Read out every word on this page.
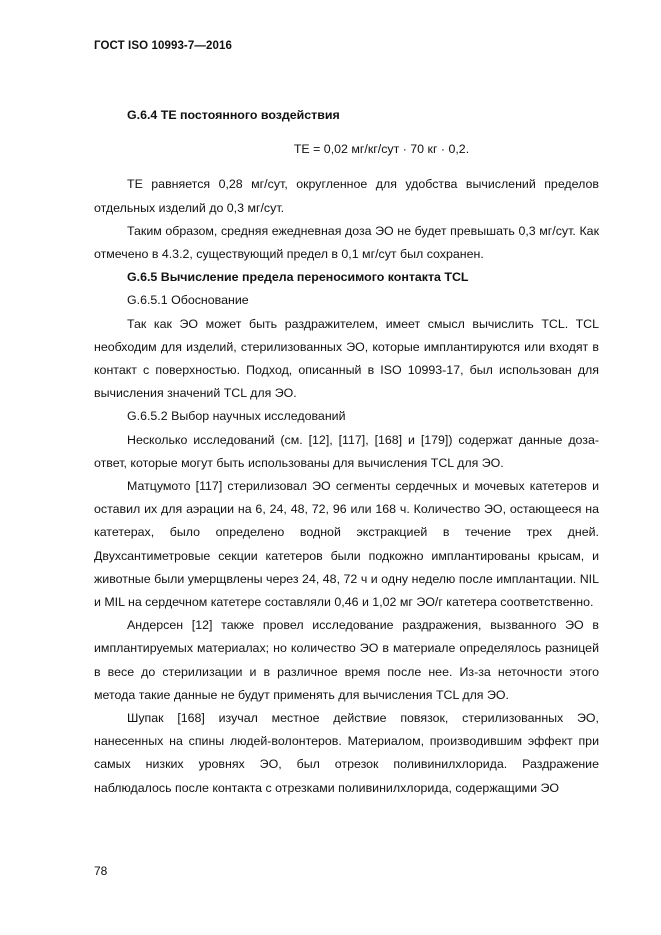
ГОСТ ISO 10993-7—2016

G.6.4 TE постоянного воздействия

TE = 0,02 мг/кг/сут · 70 кг · 0,2.

TE равняется 0,28 мг/сут, округленное для удобства вычислений пределов отдельных изделий до 0,3 мг/сут.

Таким образом, средняя ежедневная доза ЭО не будет превышать 0,3 мг/сут. Как отмечено в 4.3.2, существующий предел в 0,1 мг/сут был сохранен.

G.6.5 Вычисление предела переносимого контакта TCL

G.6.5.1 Обоснование

Так как ЭО может быть раздражителем, имеет смысл вычислить TCL. TCL необходим для изделий, стерилизованных ЭО, которые имплантируются или входят в контакт с поверхностью. Подход, описанный в ISO 10993-17, был использован для вычисления значений TCL для ЭО.

G.6.5.2 Выбор научных исследований

Несколько исследований (см. [12], [117], [168] и [179]) содержат данные доза-ответ, которые могут быть использованы для вычисления TCL для ЭО.

Матцумото [117] стерилизовал ЭО сегменты сердечных и мочевых катетеров и оставил их для аэрации на 6, 24, 48, 72, 96 или 168 ч. Количество ЭО, остающееся на катетерах, было определено водной экстракцией в течение трех дней. Двухсантиметровые секции катетеров были подкожно имплантированы крысам, и животные были умерщвлены через 24, 48, 72 ч и одну неделю после имплантации. NIL и MIL на сердечном катетере составляли 0,46 и 1,02 мг ЭО/г катетера соответственно.

Андерсен [12] также провел исследование раздражения, вызванного ЭО в имплантируемых материалах; но количество ЭО в материале определялось разницей в весе до стерилизации и в различное время после нее. Из-за неточности этого метода такие данные не будут применять для вычисления TCL для ЭО.

Шупак [168] изучал местное действие повязок, стерилизованных ЭО, нанесенных на спины людей-волонтеров. Материалом, производившим эффект при самых низких уровнях ЭО, был отрезок поливинилхлорида. Раздражение наблюдалось после контакта с отрезками поливинилхлорида, содержащими ЭО

78
